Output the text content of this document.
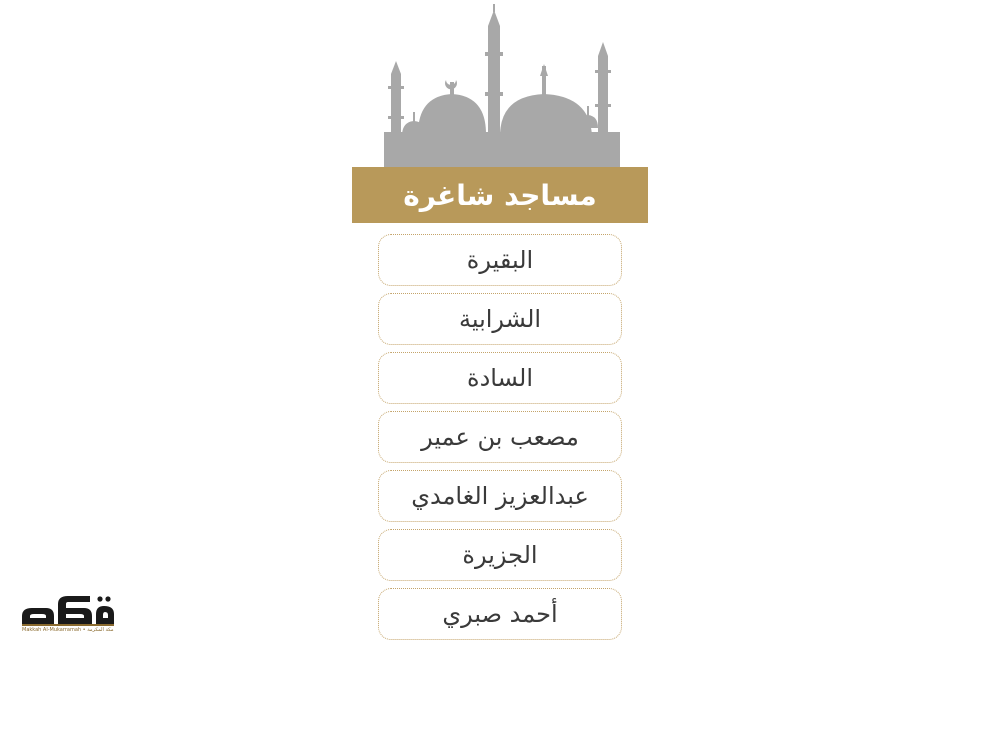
مساجد شاغرة
البقيرة
الشرابية
السادة
مصعب بن عمير
عبدالعزيز الغامدي
الجزيرة
أحمد صبري
Makkah Al-Mukarramah • مكة المكرمة
